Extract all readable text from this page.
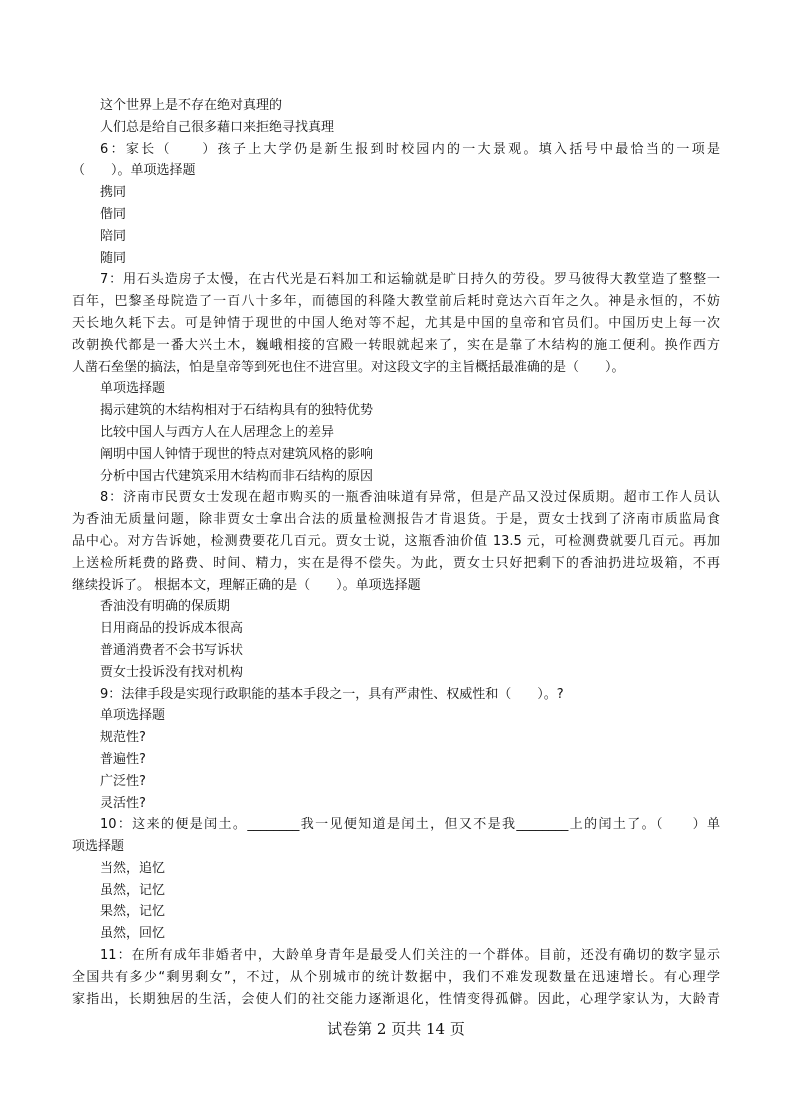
这个世界上是不存在绝对真理的
人们总是给自己很多藉口来拒绝寻找真理
6：家长（　　）孩子上大学仍是新生报到时校园内的一大景观。填入括号中最恰当的一项是
（　　）。单项选择题
携同
偕同
陪同
随同
7：用石头造房子太慢，在古代光是石料加工和运输就是旷日持久的劳役。罗马彼得大教堂造了整整一
百年，巴黎圣母院造了一百八十多年，而德国的科隆大教堂前后耗时竟达六百年之久。神是永恒的，不妨
天长地久耗下去。可是钟情于现世的中国人绝对等不起，尤其是中国的皇帝和官员们。中国历史上每一次
改朝换代都是一番大兴土木，巍峨相接的宫殿一转眼就起来了，实在是靠了木结构的施工便利。换作西方
人凿石垒堡的搞法，怕是皇帝等到死也住不进宫里。对这段文字的主旨概括最准确的是（　　）。
单项选择题
揭示建筑的木结构相对于石结构具有的独特优势
比较中国人与西方人在人居理念上的差异
阐明中国人钟情于现世的特点对建筑风格的影响
分析中国古代建筑采用木结构而非石结构的原因
8：济南市民贾女士发现在超市购买的一瓶香油味道有异常，但是产品又没过保质期。超市工作人员认
为香油无质量问题，除非贾女士拿出合法的质量检测报告才肯退货。于是，贾女士找到了济南市质监局食
品中心。对方告诉她，检测费要花几百元。贾女士说，这瓶香油价值 13.5 元，可检测费就要几百元。再加
上送检所耗费的路费、时间、精力，实在是得不偿失。为此，贾女士只好把剩下的香油扔进垃圾箱，不再
继续投诉了。 根据本文，理解正确的是（　　）。单项选择题
香油没有明确的保质期
日用商品的投诉成本很高
普通消费者不会书写诉状
贾女士投诉没有找对机构
9：法律手段是实现行政职能的基本手段之一，具有严肃性、权威性和（　　）。?
单项选择题
规范性?
普遍性?
广泛性?
灵活性?
10：这来的便是闰土。________我一见便知道是闰土，但又不是我________上的闰土了。（　　）单
项选择题
当然，追忆
虽然，记忆
果然，记忆
虽然，回忆
11：在所有成年非婚者中，大龄单身青年是最受人们关注的一个群体。目前，还没有确切的数字显示
全国共有多少“剩男剩女”，不过，从个别城市的统计数据中，我们不难发现数量在迅速增长。有心理学
家指出，长期独居的生活，会使人们的社交能力逐渐退化，性情变得孤僻。因此，心理学家认为，大龄青
试卷第 2 页共 14 页
